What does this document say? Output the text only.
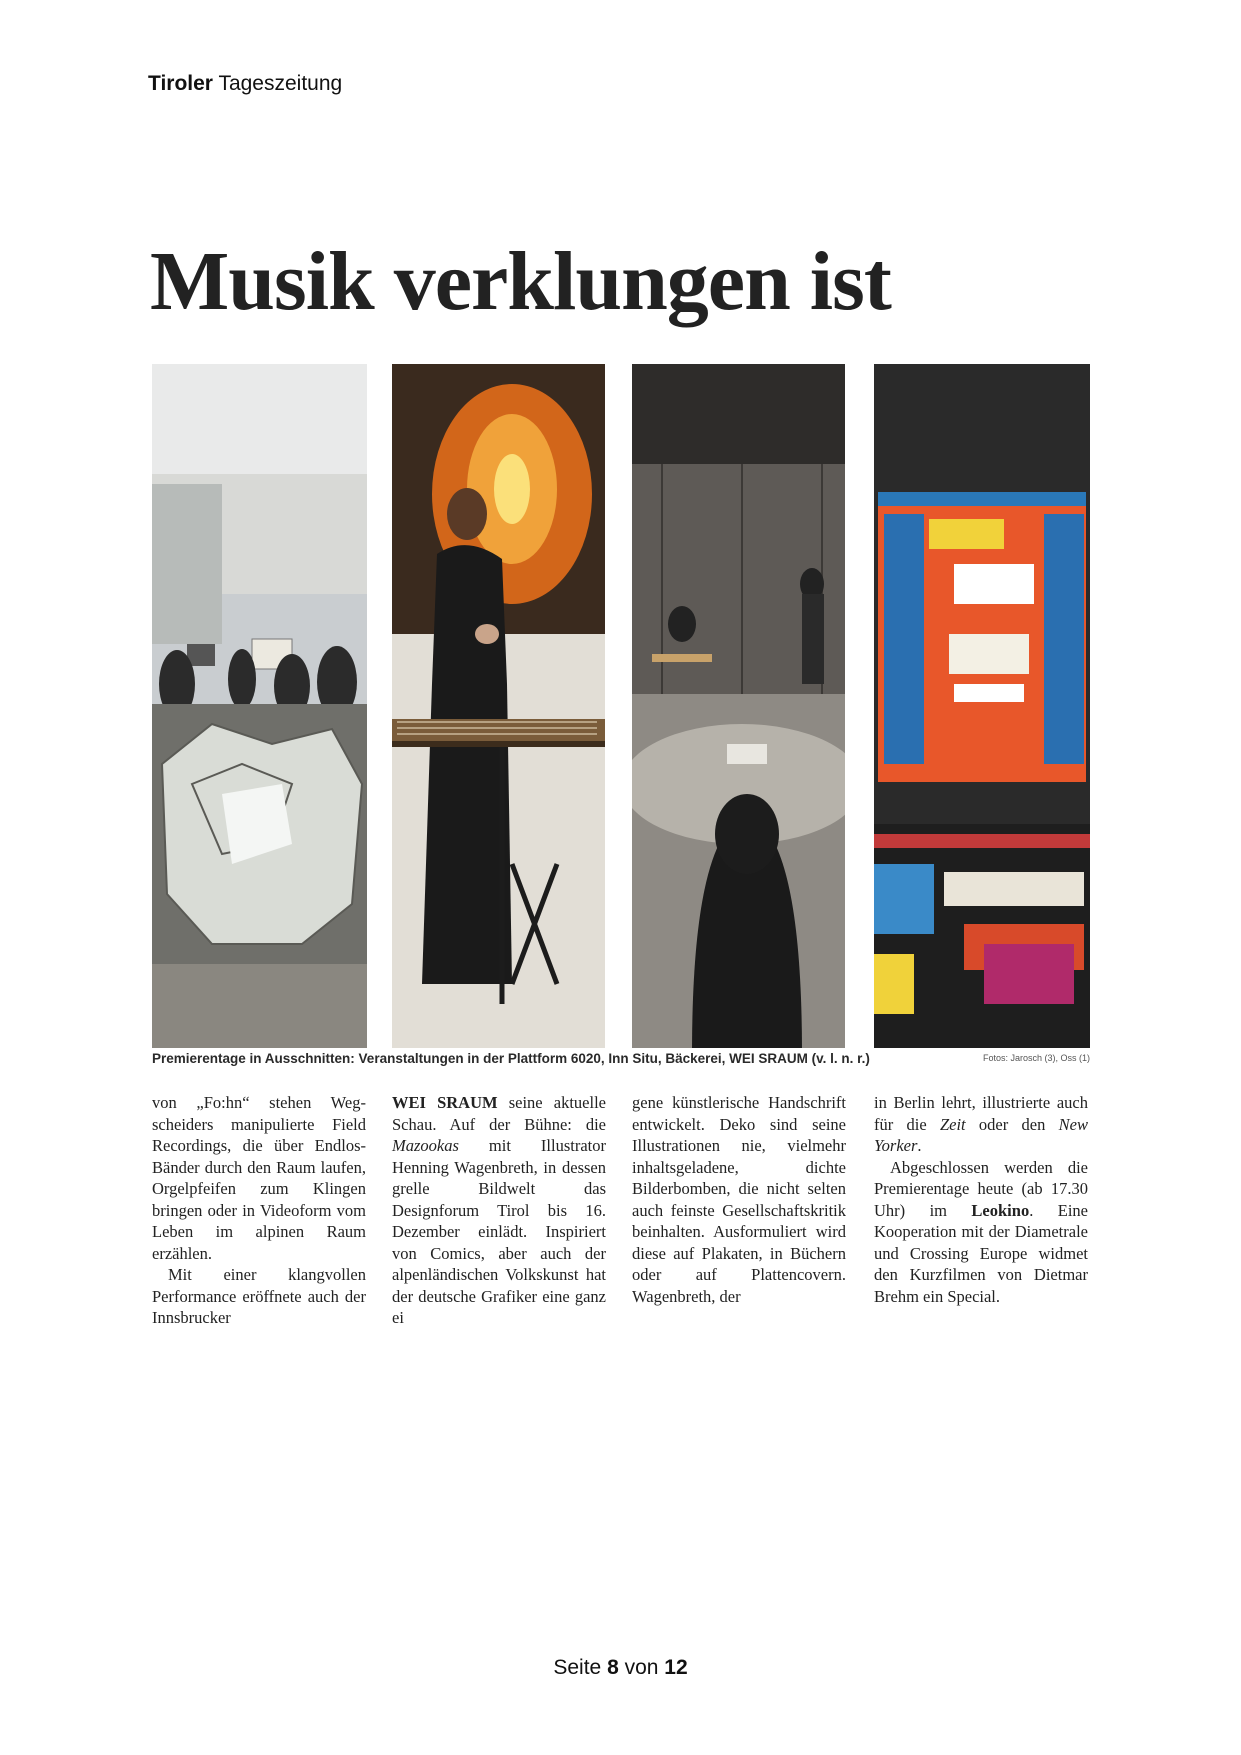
Tiroler Tageszeitung
Musik verklungen ist
Premierentage in Ausschnitten: Veranstaltungen in der Plattform 6020, Inn Situ, Bäckerei, WEI SRAUM (v. l. n. r.)	Fotos: Jarosch (3), Oss (1)

von „Fo:hn“ stehen Wegscheiders manipulierte Field Recordings, die über Endlos-Bänder durch den Raum laufen, Orgelpfeifen zum Klingen bringen oder in Videoform vom Leben im alpinen Raum erzählen.

Mit einer klangvollen Performance eröffnete auch der Innsbrucker

WEI SRAUM seine aktuelle Schau. Auf der Bühne: die Mazookas mit Illustrator Henning Wagenbreth, in dessen grelle Bildwelt das Designforum Tirol bis 16. Dezember einlädt. Inspiriert von Comics, aber auch der alpenländischen Volkskunst hat der deutsche Grafiker eine ganz ei

gene künstlerische Handschrift entwickelt. Deko sind seine Illustrationen nie, vielmehr inhaltsgeladene, dichte Bilderbomben, die nicht selten auch feinste Gesellschaftskritik beinhalten. Ausformuliert wird diese auf Plakaten, in Büchern oder auf Plattencovern. Wagenbreth, der

in Berlin lehrt, illustrierte auch für die Zeit oder den New Yorker.

Abgeschlossen werden die Premierentage heute (ab 17.30 Uhr) im Leokino. Eine Kooperation mit der Diametrale und Crossing Europe widmet den Kurzfilmen von Dietmar Brehm ein Special.

Seite 8 von 12
